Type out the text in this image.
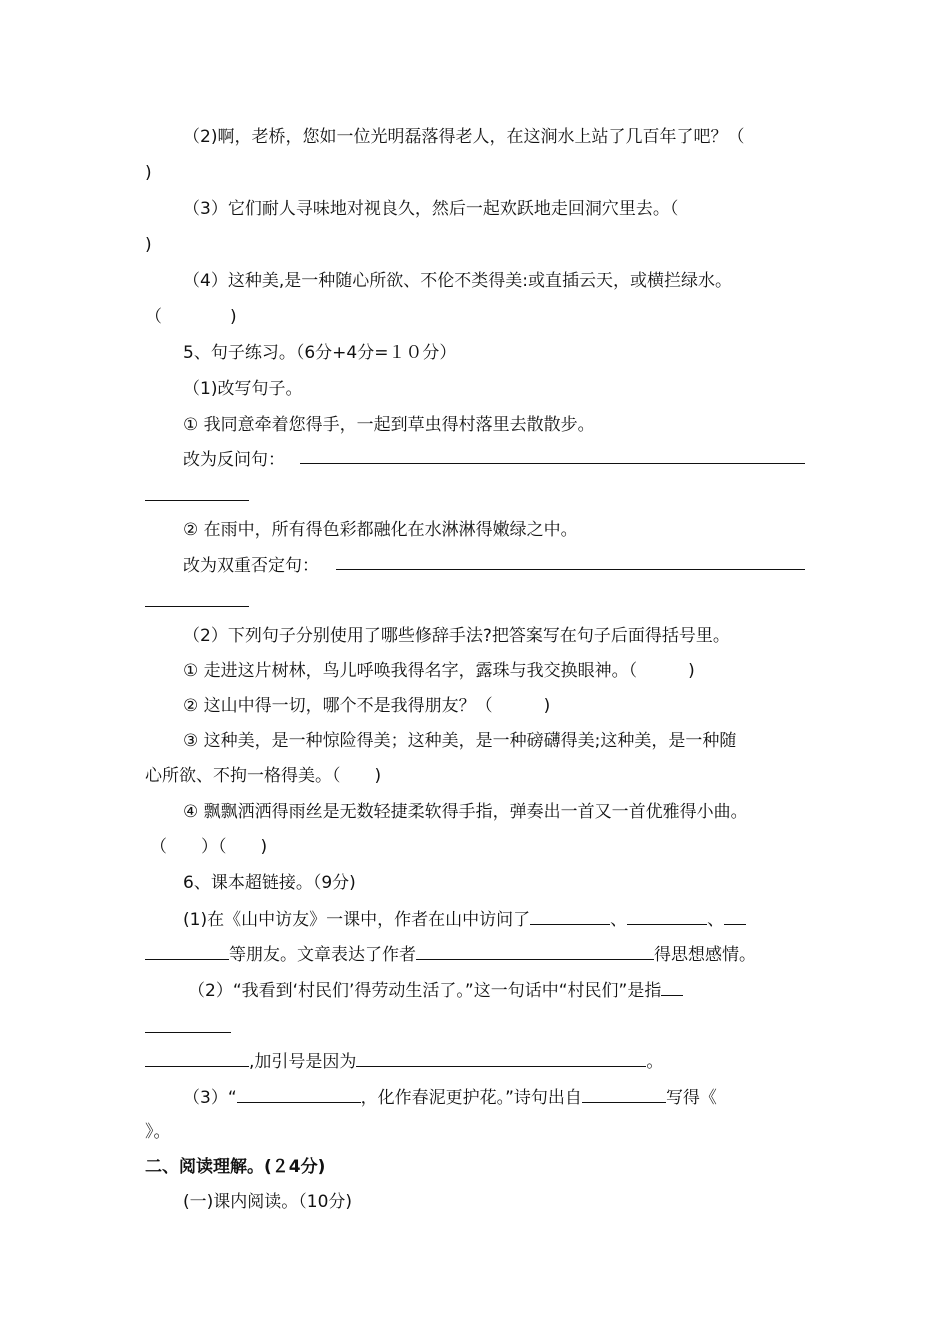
（2)啊，老桥，您如一位光明磊落得老人，在这涧水上站了几百年了吧？（
)
（3）它们耐人寻味地对视良久，然后一起欢跃地走回洞穴里去。（
)
（4）这种美,是一种随心所欲、不伦不类得美:或直插云天，或横拦绿水。
（　　　　)
5、句子练习。（6分+4分=１０分）
（1)改写句子。
① 我同意牵着您得手，一起到草虫得村落里去散散步。
改为反问句：
② 在雨中，所有得色彩都融化在水淋淋得嫩绿之中。
改为双重否定句：
（2）下列句子分别使用了哪些修辞手法?把答案写在句子后面得括号里。
① 走进这片树林，鸟儿呼唤我得名字，露珠与我交换眼神。（　　　)
② 这山中得一切，哪个不是我得朋友？（　　　)
③ 这种美，是一种惊险得美；这种美，是一种磅礴得美;这种美，是一种随
心所欲、不拘一格得美。（　　)
④ 飘飘洒洒得雨丝是无数轻捷柔软得手指，弹奏出一首又一首优雅得小曲。
（　　）（　　)
6、课本超链接。（9分)
(1)在《山中访友》一课中，作者在山中访问了	、	、
等朋友。文章表达了作者	得思想感情。
（2）“我看到‘村民们’得劳动生活了。”这一句话中“村民们”是指
,加引号是因为	。
（3）“	，化作春泥更护花。”诗句出自	写得《
》。
二、阅读理解。(２4分)
(一)课内阅读。（10分)
